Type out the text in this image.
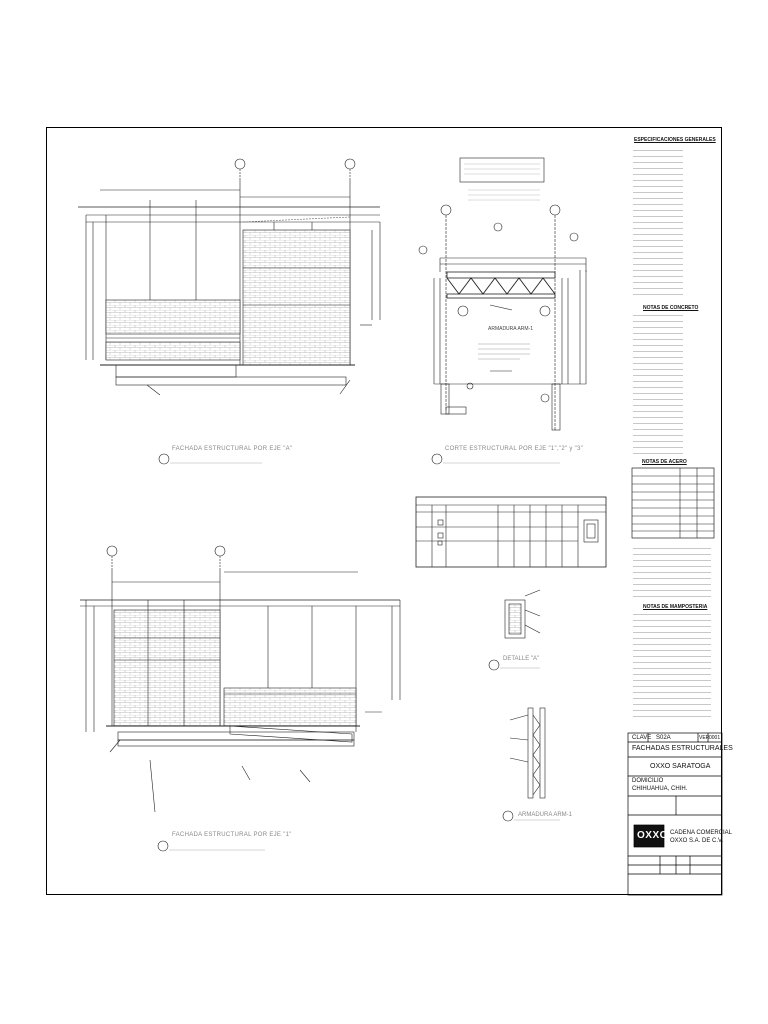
ESPECIFICACIONES GENERALES
NOTAS DE CONCRETO
NOTAS DE ACERO
NOTAS DE MAMPOSTERIA
FACHADA ESTRUCTURAL POR EJE "A"	CORTE ESTRUCTURAL POR EJE "1","2" y "3"
FACHADA ESTRUCTURAL POR EJE "1"
DETALLE "A"
ARMADURA ARM-1
ARMADURA ARM-1
CLAVE S02A	VER 0001
FACHADAS ESTRUCTURALES
OXXO SARATOGA
DOMICILIO
CHIHUAHUA, CHIH.
OXXO CADENA COMERCIAL
OXXO S.A. DE C.V.
